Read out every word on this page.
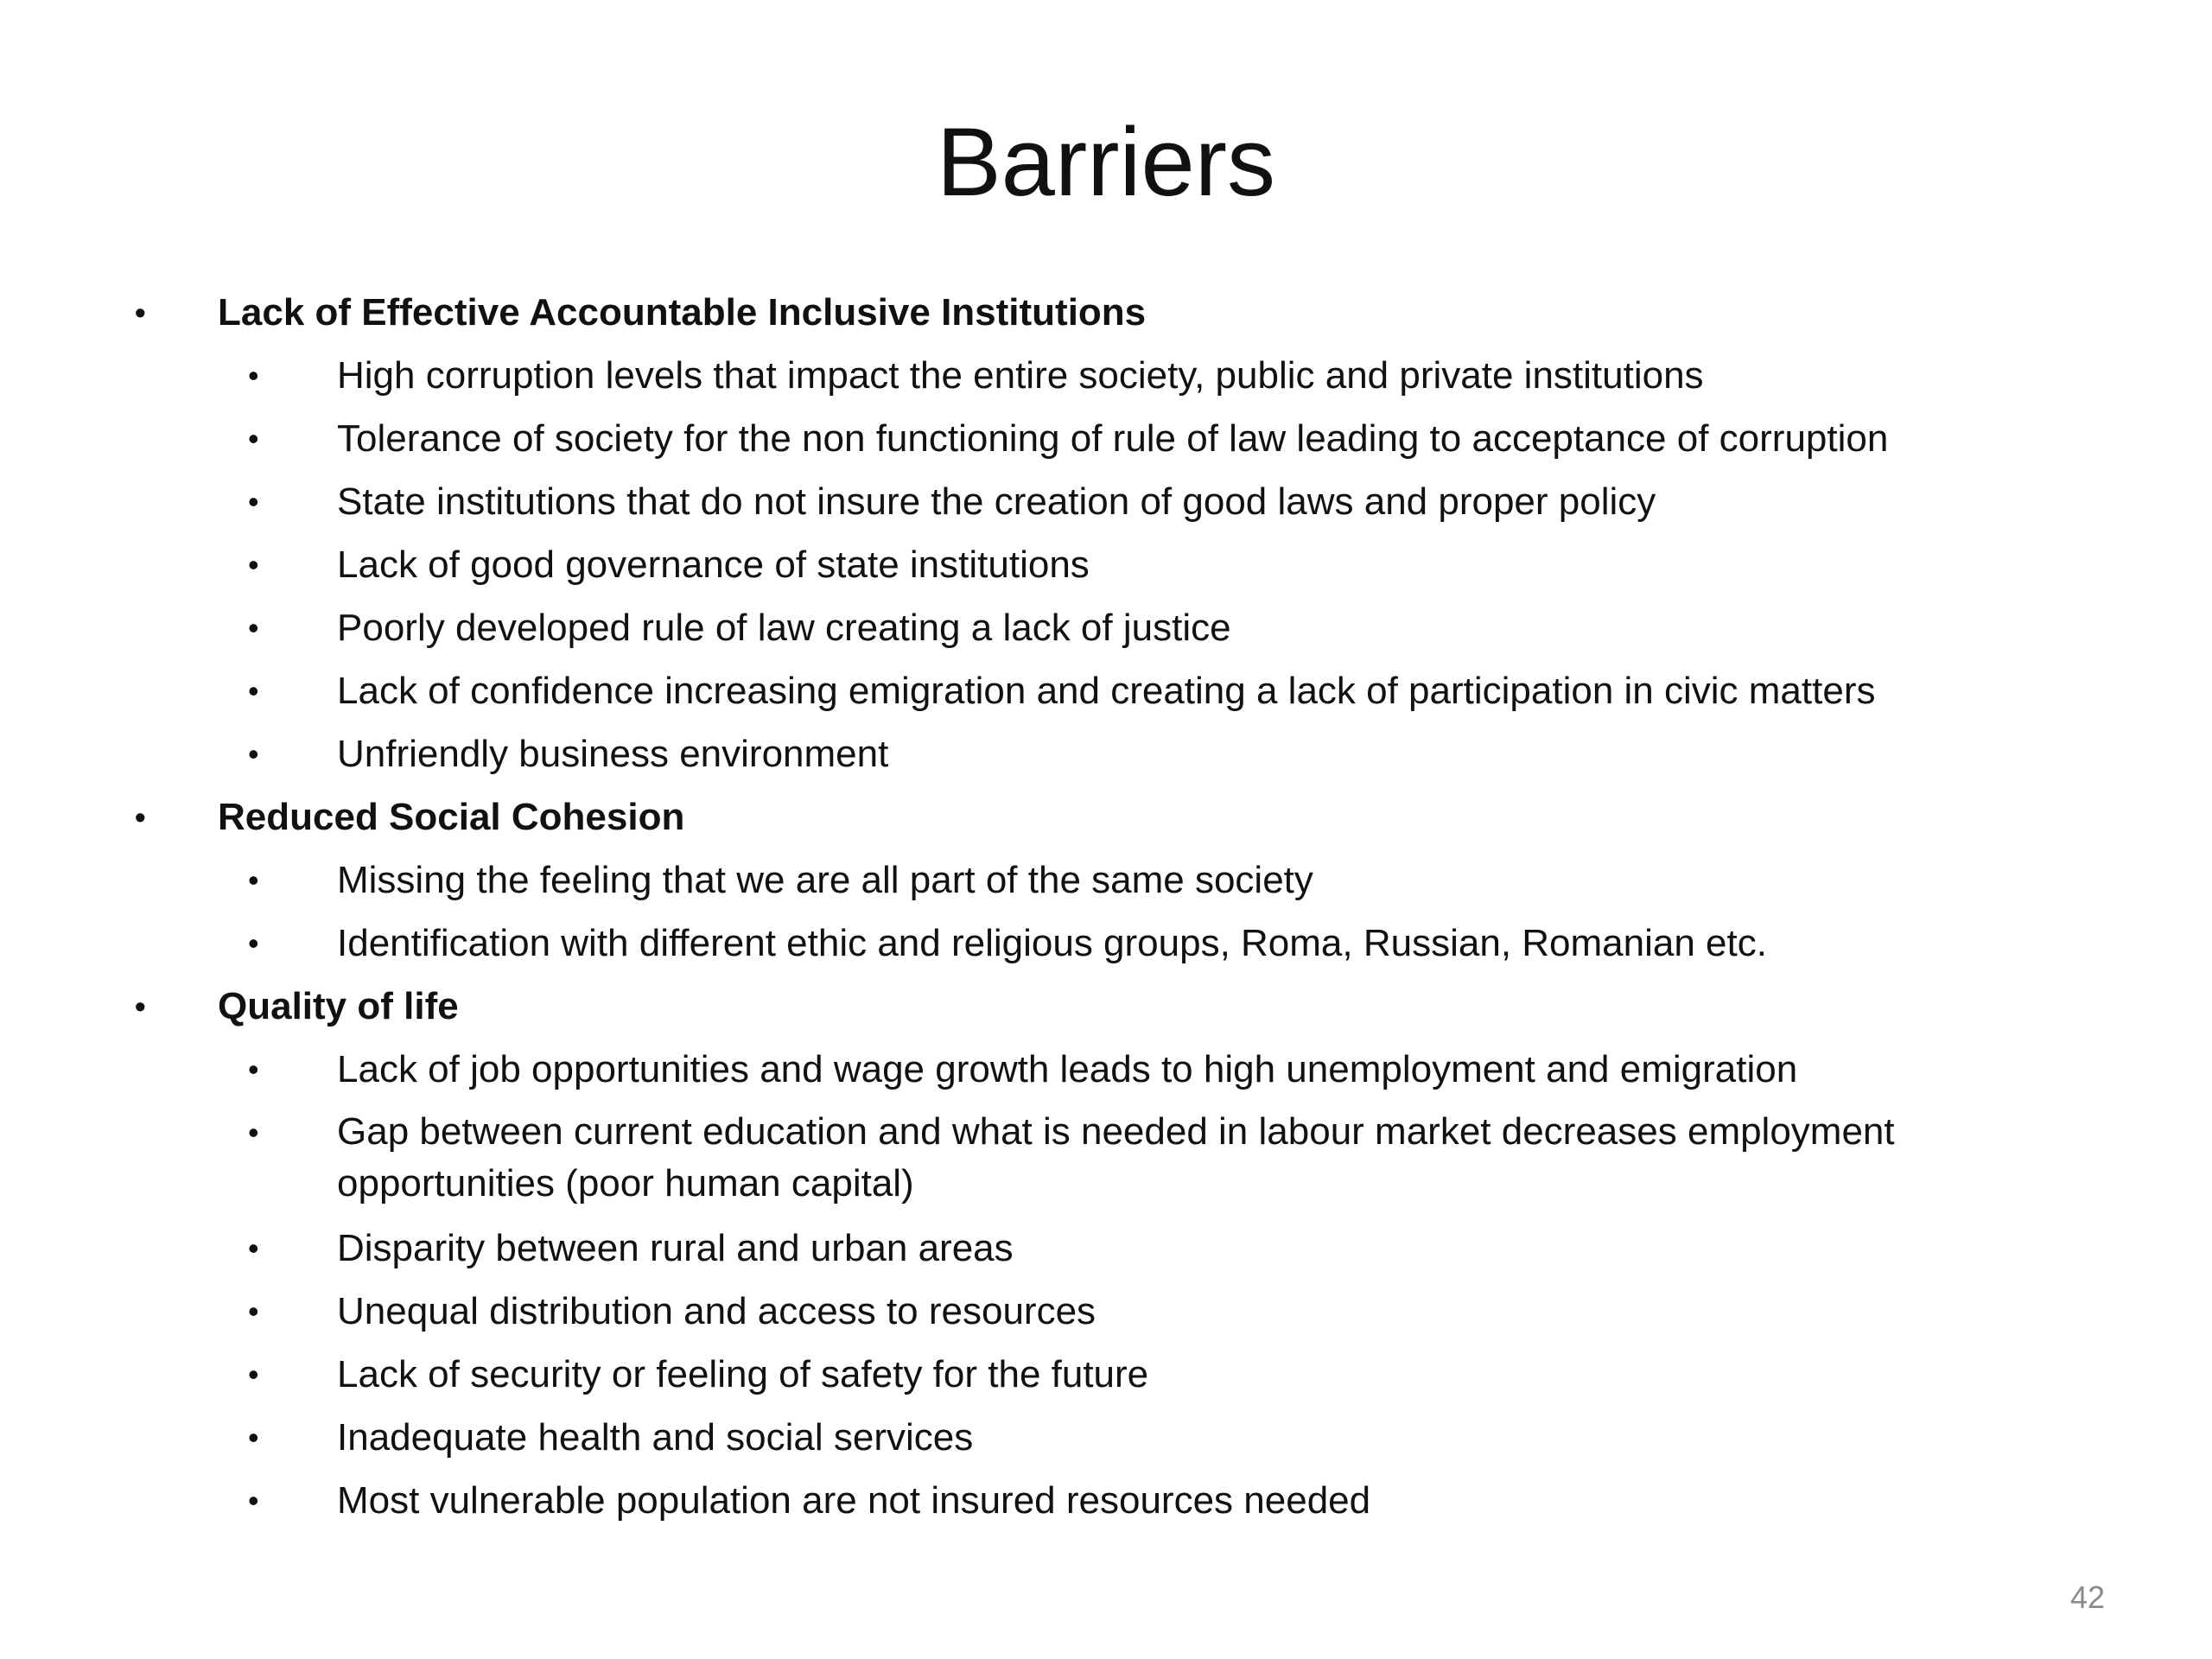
Barriers
• Lack of Effective Accountable Inclusive Institutions
• High corruption levels that impact the entire society, public and private institutions
• Tolerance of society for the non functioning of rule of law leading to acceptance of corruption
• State institutions that do not insure the creation of good laws and proper policy
• Lack of good governance of state institutions
• Poorly developed rule of law creating a lack of justice
• Lack of confidence increasing emigration and creating a lack of participation in civic matters
• Unfriendly business environment
• Reduced Social Cohesion
• Missing the feeling that we are all part of the same society
• Identification with different ethic and religious groups, Roma, Russian, Romanian etc.
• Quality of life
• Lack of job opportunities and wage growth leads to high unemployment and emigration
•	Gap between current education and what is needed in labour market decreases employment opportunities (poor human capital)
• Disparity between rural and urban areas
• Unequal distribution and access to resources
• Lack of security or feeling of safety for the future
• Inadequate health and social services
• Most vulnerable population are not insured resources needed
42
